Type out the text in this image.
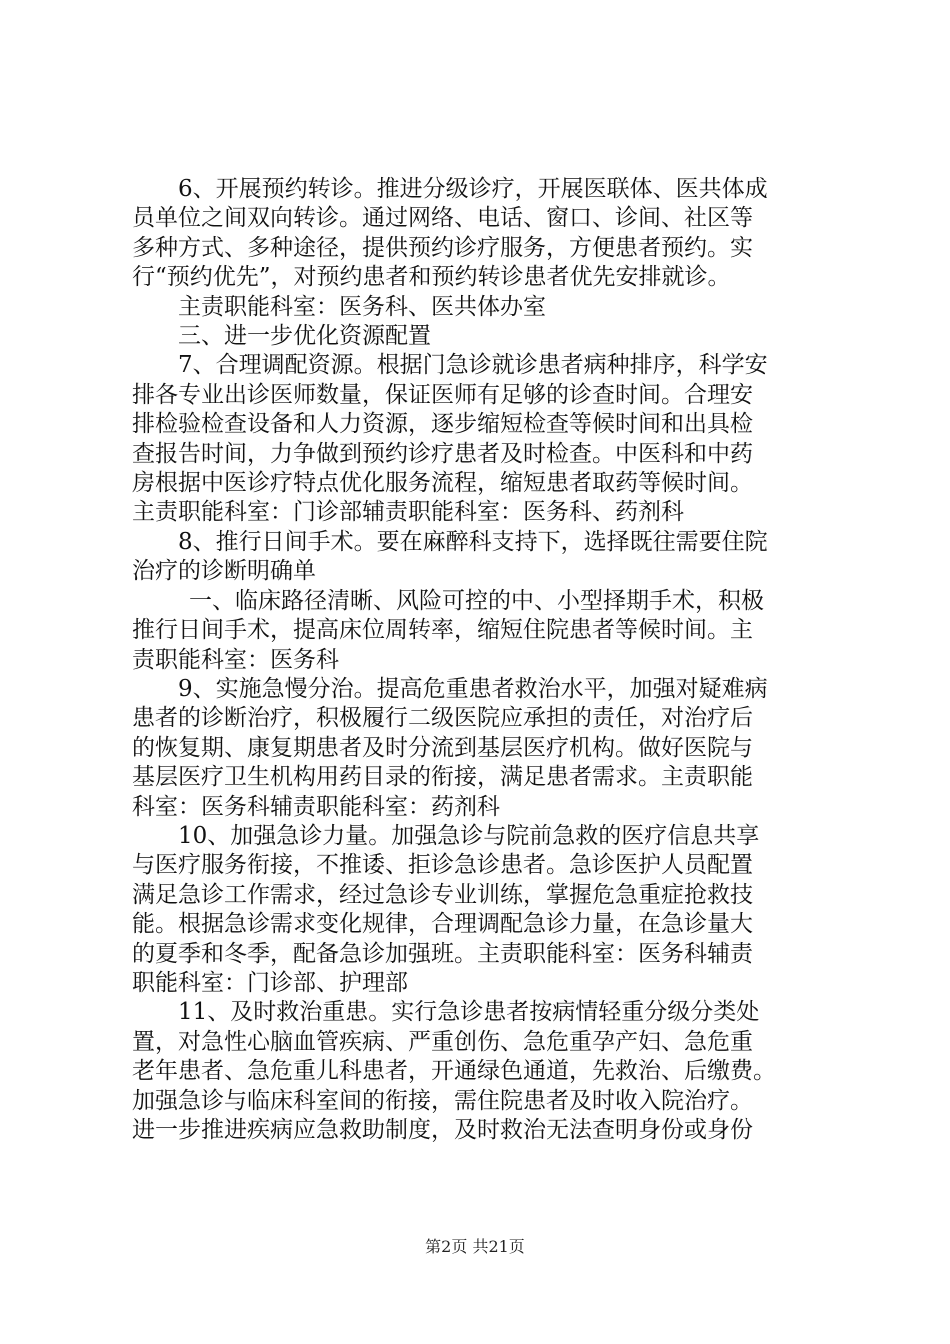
6、开展预约转诊。推进分级诊疗，开展医联体、医共体成
员单位之间双向转诊。通过网络、电话、窗口、诊间、社区等
多种方式、多种途径，提供预约诊疗服务，方便患者预约。实
行“预约优先”，对预约患者和预约转诊患者优先安排就诊。
主责职能科室：医务科、医共体办室
三、进一步优化资源配置
7、合理调配资源。根据门急诊就诊患者病种排序，科学安
排各专业出诊医师数量，保证医师有足够的诊查时间。合理安
排检验检查设备和人力资源，逐步缩短检查等候时间和出具检
查报告时间，力争做到预约诊疗患者及时检查。中医科和中药
房根据中医诊疗特点优化服务流程，缩短患者取药等候时间。
主责职能科室：门诊部辅责职能科室：医务科、药剂科
8、推行日间手术。要在麻醉科支持下，选择既往需要住院
治疗的诊断明确单
一、临床路径清晰、风险可控的中、小型择期手术，积极
推行日间手术，提高床位周转率，缩短住院患者等候时间。主
责职能科室：医务科
9、实施急慢分治。提高危重患者救治水平，加强对疑难病
患者的诊断治疗，积极履行二级医院应承担的责任，对治疗后
的恢复期、康复期患者及时分流到基层医疗机构。做好医院与
基层医疗卫生机构用药目录的衔接，满足患者需求。主责职能
科室：医务科辅责职能科室：药剂科
10、加强急诊力量。加强急诊与院前急救的医疗信息共享
与医疗服务衔接，不推诿、拒诊急诊患者。急诊医护人员配置
满足急诊工作需求，经过急诊专业训练，掌握危急重症抢救技
能。根据急诊需求变化规律，合理调配急诊力量，在急诊量大
的夏季和冬季，配备急诊加强班。主责职能科室：医务科辅责
职能科室：门诊部、护理部
11、及时救治重患。实行急诊患者按病情轻重分级分类处
置，对急性心脑血管疾病、严重创伤、急危重孕产妇、急危重
老年患者、急危重儿科患者，开通绿色通道，先救治、后缴费。
加强急诊与临床科室间的衔接，需住院患者及时收入院治疗。
进一步推进疾病应急救助制度，及时救治无法查明身份或身份
第2页 共21页
